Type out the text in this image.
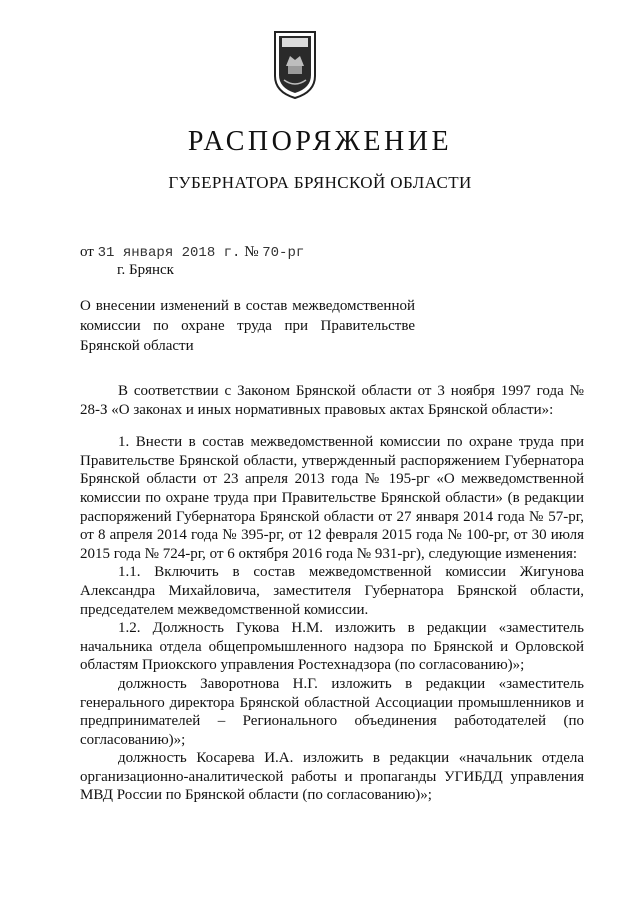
РАСПОРЯЖЕНИЕ
ГУБЕРНАТОРА БРЯНСКОЙ ОБЛАСТИ
от 31 января 2018 г. № 70-рг
г. Брянск
О внесении изменений в состав межведомственной комиссии по охране труда при Правительстве Брянской области

В соответствии с Законом Брянской области от 3 ноября 1997 года № 28-З «О законах и иных нормативных правовых актах Брянской области»:

1. Внести в состав межведомственной комиссии по охране труда при Правительстве Брянской области, утвержденный распоряжением Губернатора Брянской области от 23 апреля 2013 года № 195-рг «О межведомственной комиссии по охране труда при Правительстве Брянской области» (в редакции распоряжений Губернатора Брянской области от 27 января 2014 года № 57-рг, от 8 апреля 2014 года № 395-рг, от 12 февраля 2015 года № 100-рг, от 30 июля 2015 года № 724-рг, от 6 октября 2016 года № 931-рг), следующие изменения:

1.1. Включить в состав межведомственной комиссии Жигунова Александра Михайловича, заместителя Губернатора Брянской области, председателем межведомственной комиссии.

1.2. Должность Гукова Н.М. изложить в редакции «заместитель начальника отдела общепромышленного надзора по Брянской и Орловской областям Приокского управления Ростехнадзора (по согласованию)»;

должность Заворотнова Н.Г. изложить в редакции «заместитель генерального директора Брянской областной Ассоциации промышленников и предпринимателей – Регионального объединения работодателей (по согласованию)»;

должность Косарева И.А. изложить в редакции «начальник отдела организационно-аналитической работы и пропаганды УГИБДД управления МВД России по Брянской области (по согласованию)»;
